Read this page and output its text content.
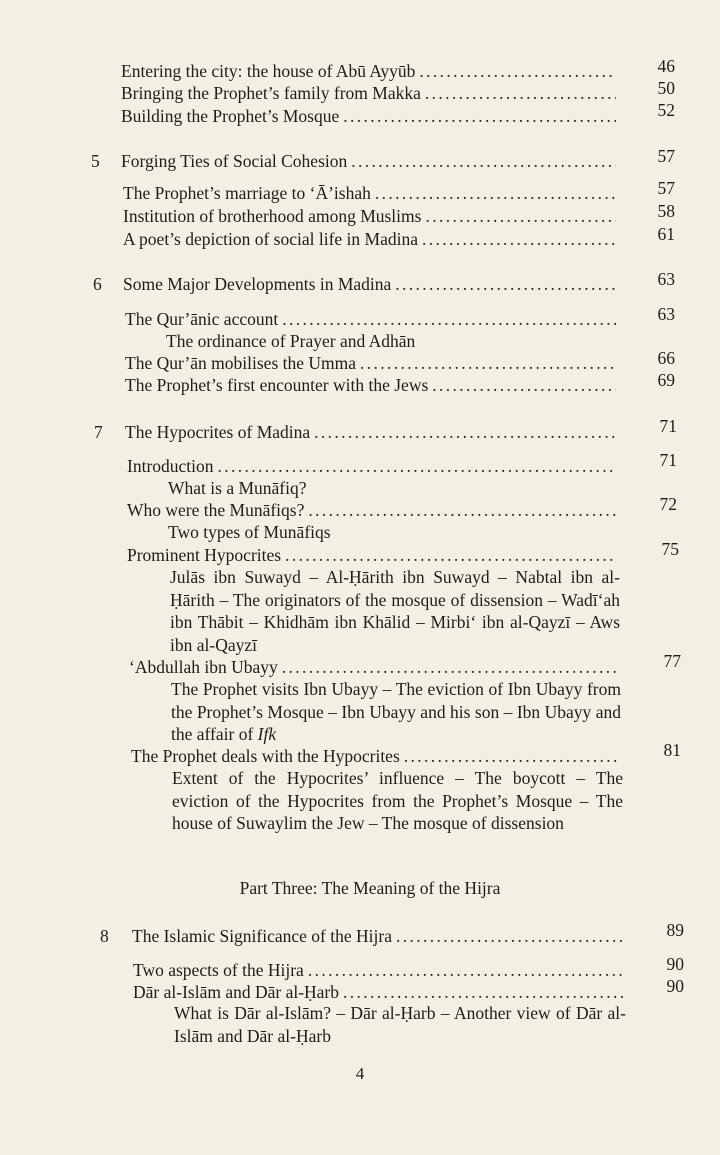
Entering the city: the house of Abū Ayyūb . . .	46
Bringing the Prophet’s family from Makka . . .	50
Building the Prophet’s Mosque . . .	52
5 Forging Ties of Social Cohesion . . .	57
The Prophet’s marriage to ‘Ā’ishah . . .	57
Institution of brotherhood among Muslims . . .	58
A poet’s depiction of social life in Madina . . .	61
6 Some Major Developments in Madina . . .	63
The Qur’ānic account . . .	63
The ordinance of Prayer and Adhān
The Qur’ān mobilises the Umma . . .	66
The Prophet’s first encounter with the Jews . . .	69
7 The Hypocrites of Madina . . .	71
Introduction . . .	71
What is a Munāfiq?
Who were the Munāfiqs? . . .	72
Two types of Munāfiqs
Prominent Hypocrites . . .	75
Julās ibn Suwayd – Al-Ḥārith ibn Suwayd – Nabtal ibn al-Ḥārith – The originators of the mosque of dissension – Wadī‘ah ibn Thābit – Khidhām ibn Khālid – Mirbi‘ ibn al-Qayzī – Aws ibn al-Qayzī
‘Abdullah ibn Ubayy . . .	77
The Prophet visits Ibn Ubayy – The eviction of Ibn Ubayy from the Prophet’s Mosque – Ibn Ubayy and his son – Ibn Ubayy and the affair of Ifk
The Prophet deals with the Hypocrites . . .	81
Extent of the Hypocrites’ influence – The boycott – The eviction of the Hypocrites from the Prophet’s Mosque – The house of Suwaylim the Jew – The mosque of dissension
Part Three: The Meaning of the Hijra
8 The Islamic Significance of the Hijra . . .	89
Two aspects of the Hijra . . .	90
Dār al-Islām and Dār al-Ḥarb . . .	90
What is Dār al-Islām? – Dār al-Ḥarb – Another view of Dār al-Islām and Dār al-Ḥarb
4
